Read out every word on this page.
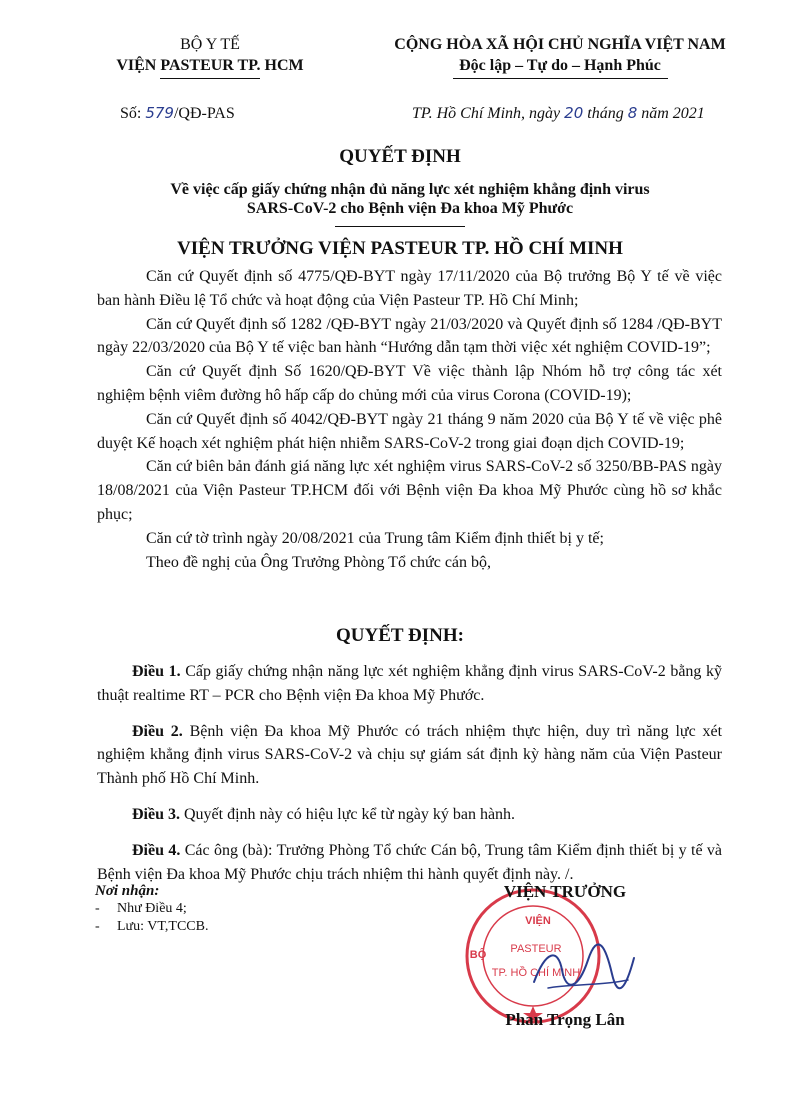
BỘ Y TẾ
VIỆN PASTEUR TP. HCM
CỘNG HÒA XÃ HỘI CHỦ NGHĨA VIỆT NAM
Độc lập – Tự do – Hạnh Phúc
Số: 579/QĐ-PAS	TP. Hồ Chí Minh, ngày 20 tháng 8 năm 2021
QUYẾT ĐỊNH
Về việc cấp giấy chứng nhận đủ năng lực xét nghiệm khẳng định virus
SARS-CoV-2 cho Bệnh viện Đa khoa Mỹ Phước
VIỆN TRƯỞNG VIỆN PASTEUR TP. HỒ CHÍ MINH

Căn cứ Quyết định số 4775/QĐ-BYT ngày 17/11/2020 của Bộ trưởng Bộ Y tế về việc ban hành Điều lệ Tổ chức và hoạt động của Viện Pasteur TP. Hồ Chí Minh;

Căn cứ Quyết định số 1282 /QĐ-BYT ngày 21/03/2020 và Quyết định số 1284 /QĐ-BYT ngày 22/03/2020 của Bộ Y tế việc ban hành “Hướng dẫn tạm thời việc xét nghiệm COVID-19”;

Căn cứ Quyết định Số 1620/QĐ-BYT Về việc thành lập Nhóm hỗ trợ công tác xét nghiệm bệnh viêm đường hô hấp cấp do chủng mới của virus Corona (COVID-19);

Căn cứ Quyết định số 4042/QĐ-BYT ngày 21 tháng 9 năm 2020 của Bộ Y tế về việc phê duyệt Kế hoạch xét nghiệm phát hiện nhiễm SARS-CoV-2 trong giai đoạn dịch COVID-19;

Căn cứ biên bản đánh giá năng lực xét nghiệm virus SARS-CoV-2 số 3250/BB-PAS ngày 18/08/2021 của Viện Pasteur TP.HCM đối với Bệnh viện Đa khoa Mỹ Phước cùng hồ sơ khắc phục;

Căn cứ tờ trình ngày 20/08/2021 của Trung tâm Kiểm định thiết bị y tế;

Theo đề nghị của Ông Trưởng Phòng Tổ chức cán bộ,

QUYẾT ĐỊNH:

Điều 1. Cấp giấy chứng nhận năng lực xét nghiệm khẳng định virus SARS-CoV-2 bằng kỹ thuật realtime RT – PCR cho Bệnh viện Đa khoa Mỹ Phước.

Điều 2. Bệnh viện Đa khoa Mỹ Phước có trách nhiệm thực hiện, duy trì năng lực xét nghiệm khẳng định virus SARS-CoV-2 và chịu sự giám sát định kỳ hàng năm của Viện Pasteur Thành phố Hồ Chí Minh.

Điều 3. Quyết định này có hiệu lực kể từ ngày ký ban hành.

Điều 4. Các ông (bà): Trưởng Phòng Tổ chức Cán bộ, Trung tâm Kiểm định thiết bị y tế và Bệnh viện Đa khoa Mỹ Phước chịu trách nhiệm thi hành quyết định này. /.

Nơi nhận:
- Như Điều 4;
- Lưu: VT,TCCB.	VIỆN
PASTEUR
TP. HỒ CHÍ MINH
BỘ
VIỆN TRƯỞNG
Phan Trọng Lân
